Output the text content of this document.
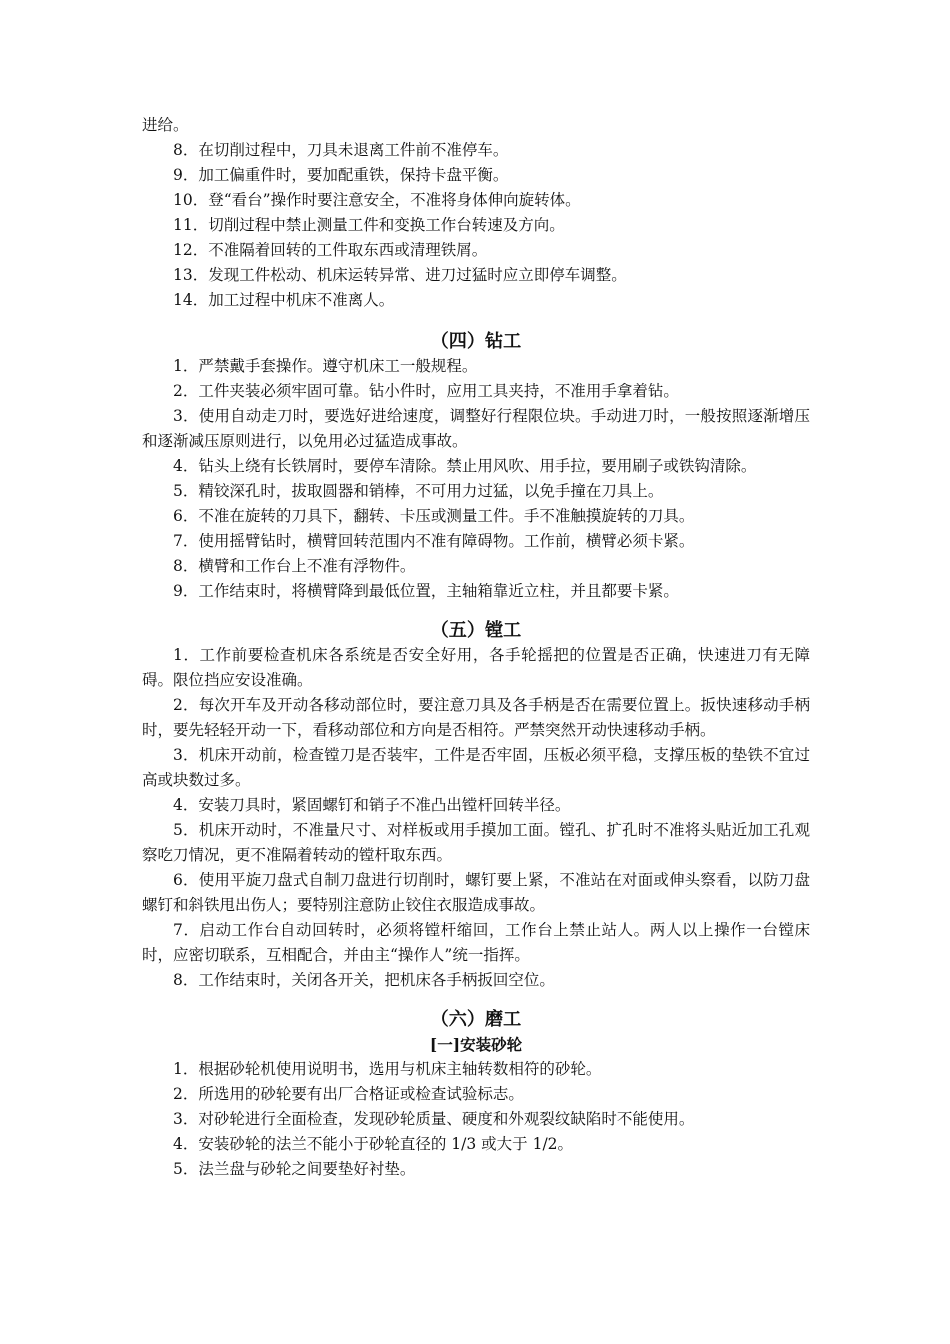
进给。

8．在切削过程中，刀具未退离工件前不准停车。

9．加工偏重件时，要加配重铁，保持卡盘平衡。

10．登“看台”操作时要注意安全，不准将身体伸向旋转体。

11．切削过程中禁止测量工件和变换工作台转速及方向。

12．不准隔着回转的工件取东西或清理铁屑。

13．发现工件松动、机床运转异常、进刀过猛时应立即停车调整。

14．加工过程中机床不准离人。

（四）钻工

1．严禁戴手套操作。遵守机床工一般规程。

2．工件夹装必须牢固可靠。钻小件时，应用工具夹持，不准用手拿着钻。

3．使用自动走刀时，要选好进给速度，调整好行程限位块。手动进刀时，一般按照逐渐增压和逐渐减压原则进行，以免用必过猛造成事故。

4．钻头上绕有长铁屑时，要停车清除。禁止用风吹、用手拉，要用刷子或铁钩清除。

5．精铰深孔时，拔取圆器和销棒，不可用力过猛，以免手撞在刀具上。

6．不准在旋转的刀具下，翻转、卡压或测量工件。手不准触摸旋转的刀具。

7．使用摇臂钻时，横臂回转范围内不准有障碍物。工作前，横臂必须卡紧。

8．横臂和工作台上不准有浮物件。

9．工作结束时，将横臂降到最低位置，主轴箱靠近立柱，并且都要卡紧。

（五）镗工

1．工作前要检查机床各系统是否安全好用，各手轮摇把的位置是否正确，快速进刀有无障碍。限位挡应安设准确。

2．每次开车及开动各移动部位时，要注意刀具及各手柄是否在需要位置上。扳快速移动手柄时，要先轻轻开动一下，看移动部位和方向是否相符。严禁突然开动快速移动手柄。

3．机床开动前，检查镗刀是否装牢，工件是否牢固，压板必须平稳，支撑压板的垫铁不宜过高或块数过多。

4．安装刀具时，紧固螺钉和销子不准凸出镗杆回转半径。

5．机床开动时，不准量尺寸、对样板或用手摸加工面。镗孔、扩孔时不准将头贴近加工孔观察吃刀情况，更不准隔着转动的镗杆取东西。

6．使用平旋刀盘式自制刀盘进行切削时，螺钉要上紧，不准站在对面或伸头察看，以防刀盘螺钉和斜铁甩出伤人；要特别注意防止铰住衣服造成事故。

7．启动工作台自动回转时，必须将镗杆缩回，工作台上禁止站人。两人以上操作一台镗床时，应密切联系，互相配合，并由主“操作人”统一指挥。

8．工作结束时，关闭各开关，把机床各手柄扳回空位。

（六）磨工
[一]安装砂轮

1．根据砂轮机使用说明书，选用与机床主轴转数相符的砂轮。

2．所选用的砂轮要有出厂合格证或检查试验标志。

3．对砂轮进行全面检查，发现砂轮质量、硬度和外观裂纹缺陷时不能使用。

4．安装砂轮的法兰不能小于砂轮直径的 1/3 或大于 1/2。

5．法兰盘与砂轮之间要垫好衬垫。
